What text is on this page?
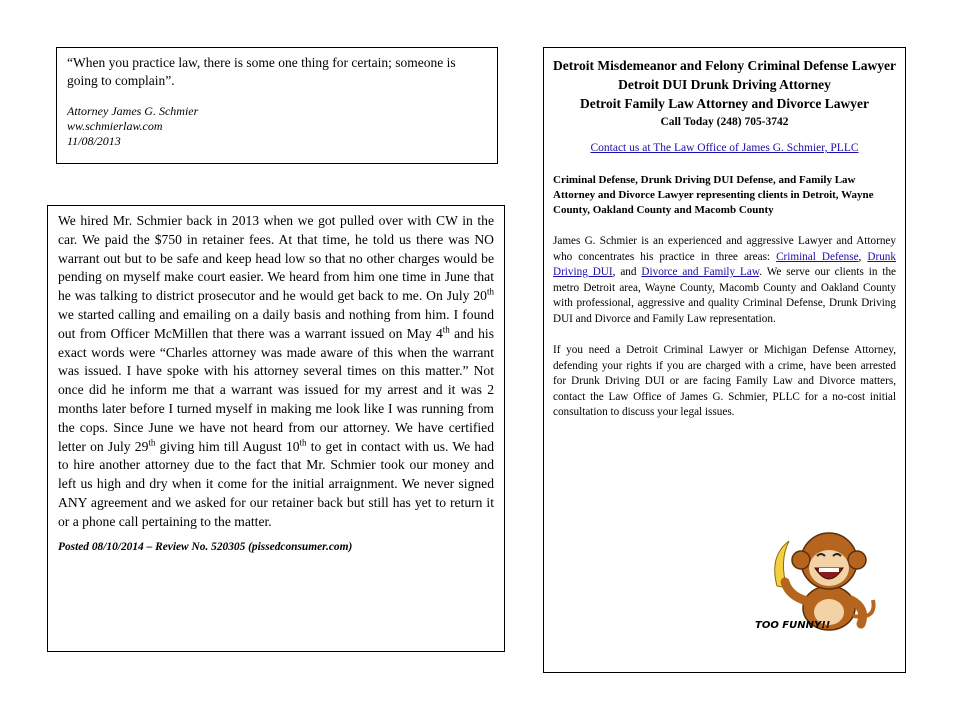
“When you practice law, there is some one thing for certain; someone is going to complain”.
Attorney James G. Schmier
ww.schmierlaw.com
11/08/2013
We hired Mr. Schmier back in 2013 when we got pulled over with CW in the car. We paid the $750 in retainer fees. At that time, he told us there was NO warrant out but to be safe and keep head low so that no other charges would be pending on myself make court easier. We heard from him one time in June that he was talking to district prosecutor and he would get back to me. On July 20th we started calling and emailing on a daily basis and nothing from him. I found out from Officer McMillen that there was a warrant issued on May 4th and his exact words were “Charles attorney was made aware of this when the warrant was issued. I have spoke with his attorney several times on this matter.” Not once did he inform me that a warrant was issued for my arrest and it was 2 months later before I turned myself in making me look like I was running from the cops. Since June we have not heard from our attorney. We have certified letter on July 29th giving him till August 10th to get in contact with us. We had to hire another attorney due to the fact that Mr. Schmier took our money and left us high and dry when it come for the initial arraignment. We never signed ANY agreement and we asked for our retainer back but still has yet to return it or a phone call pertaining to the matter.
Posted 08/10/2014 – Review No. 520305 (pissedconsumer.com)
Detroit Misdemeanor and Felony Criminal Defense Lawyer
Detroit DUI Drunk Driving Attorney
Detroit Family Law Attorney and Divorce Lawyer
Call Today (248) 705-3742
Contact us at The Law Office of James G. Schmier, PLLC
Criminal Defense, Drunk Driving DUI Defense, and Family Law Attorney and Divorce Lawyer representing clients in Detroit, Wayne County, Oakland County and Macomb County
James G. Schmier is an experienced and aggressive Lawyer and Attorney who concentrates his practice in three areas: Criminal Defense, Drunk Driving DUI, and Divorce and Family Law. We serve our clients in the metro Detroit area, Wayne County, Macomb County and Oakland County with professional, aggressive and quality Criminal Defense, Drunk Driving DUI and Divorce and Family Law representation.
If you need a Detroit Criminal Lawyer or Michigan Defense Attorney, defending your rights if you are charged with a crime, have been arrested for Drunk Driving DUI or are facing Family Law and Divorce matters, contact the Law Office of James G. Schmier, PLLC for a no-cost initial consultation to discuss your legal issues.
TOO FUNNY!!
